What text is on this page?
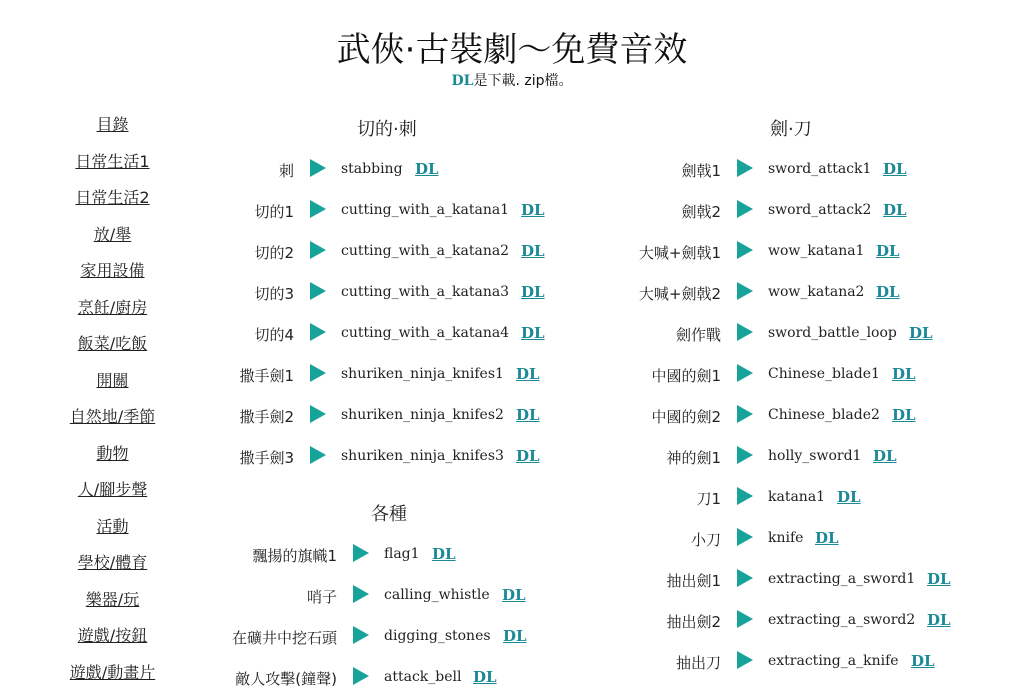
武俠·古裝劇〜免費音效
DL是下載. zip檔。
目錄
日常生活1
日常生活2
放/舉
家用設備
烹飪/廚房
飯菜/吃飯
開關
自然地/季節
動物
人/腳步聲
活動
學校/體育
樂器/玩
遊戲/按鈕
遊戲/動畫片
切的·刺
各種
劍·刀
刺	stabbing DL
切的1	cutting_with_a_katana1 DL
切的2	cutting_with_a_katana2 DL
切的3	cutting_with_a_katana3 DL
切的4	cutting_with_a_katana4 DL
撒手劍1	shuriken_ninja_knifes1 DL
撒手劍2	shuriken_ninja_knifes2 DL
撒手劍3	shuriken_ninja_knifes3 DL
飄揚的旗幟1	flag1 DL
哨子	calling_whistle DL
在礦井中挖石頭	digging_stones DL
敵人攻擊(鐘聲)	attack_bell DL
劍戟1	sword_attack1 DL
劍戟2	sword_attack2 DL
大喊+劍戟1	wow_katana1 DL
大喊+劍戟2	wow_katana2 DL
劍作戰	sword_battle_loop DL
中國的劍1	Chinese_blade1 DL
中國的劍2	Chinese_blade2 DL
神的劍1	holly_sword1 DL
刀1	katana1 DL
小刀	knife DL
抽出劍1	extracting_a_sword1 DL
抽出劍2	extracting_a_sword2 DL
抽出刀	extracting_a_knife DL
